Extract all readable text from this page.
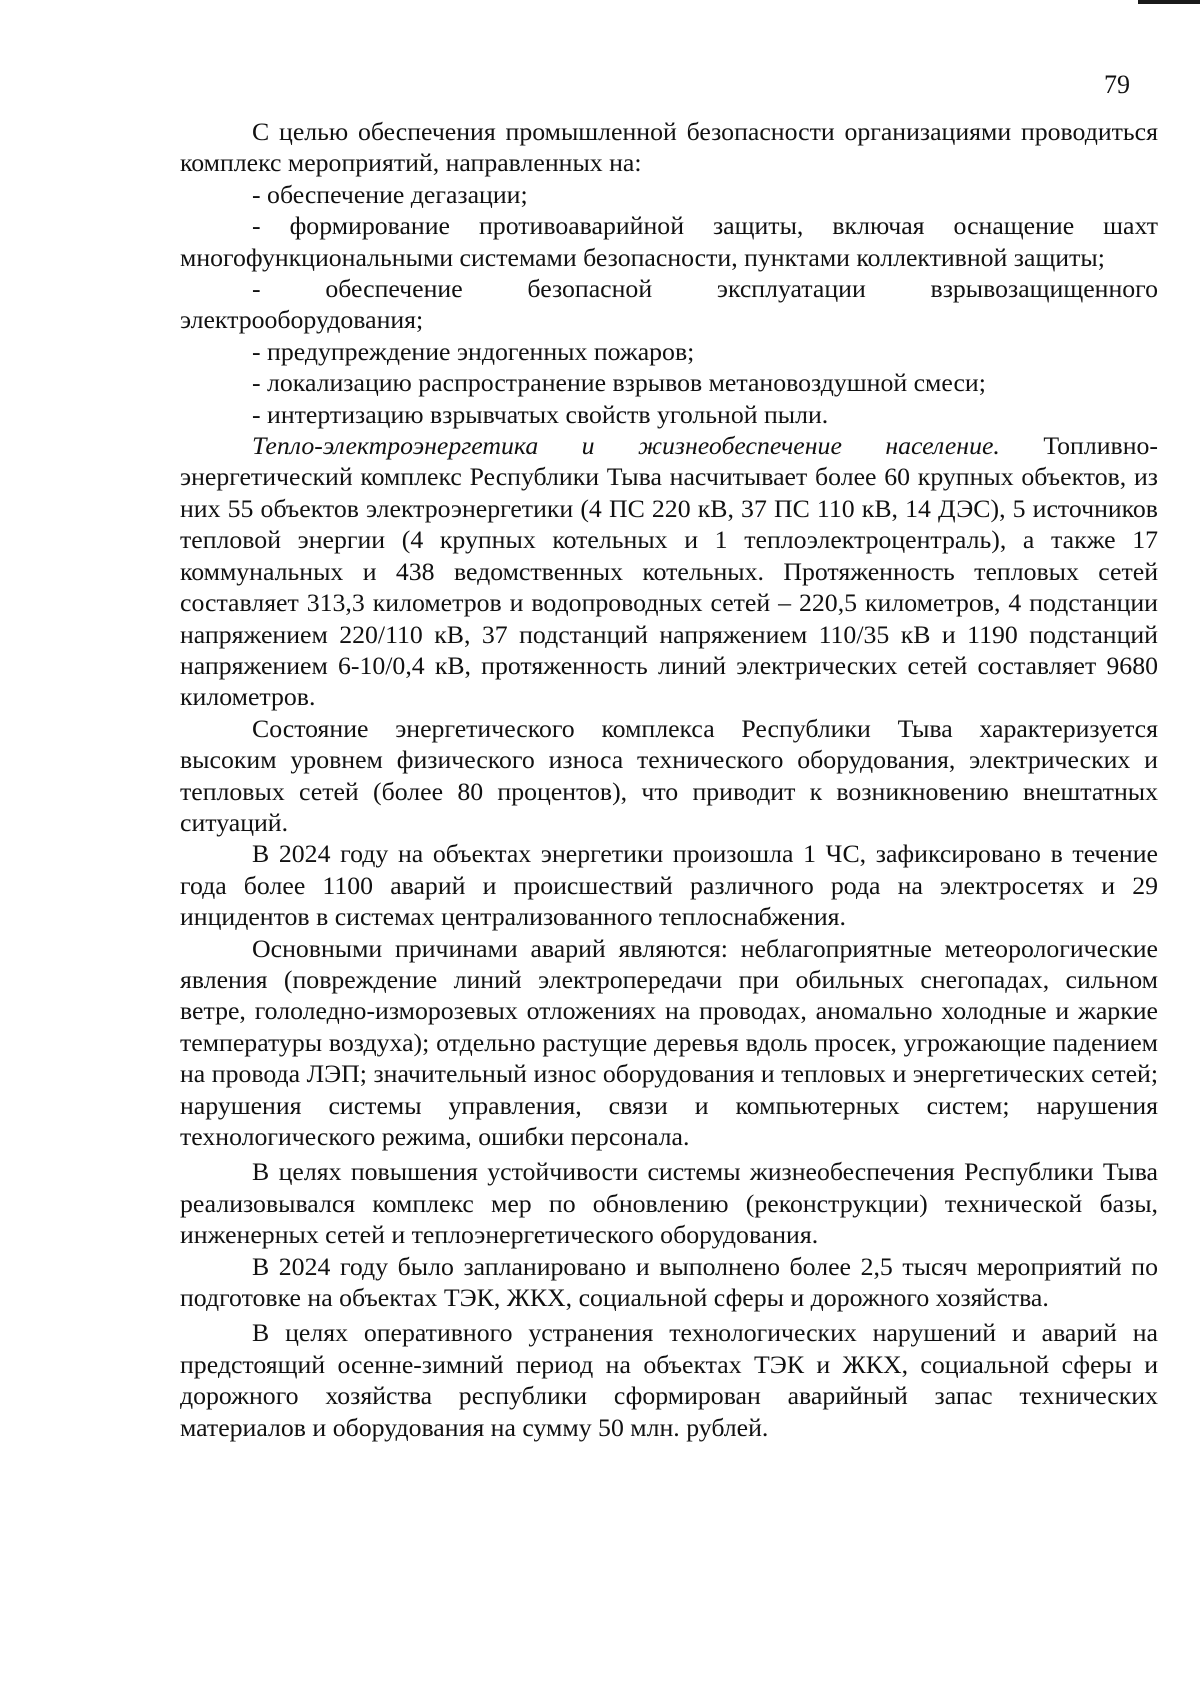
79

С целью обеспечения промышленной безопасности организациями проводиться комплекс мероприятий, направленных на:

- обеспечение дегазации;

- формирование противоаварийной защиты, включая оснащение шахт многофункциональными системами безопасности, пунктами коллективной защиты;

- обеспечение безопасной эксплуатации взрывозащищенного электрооборудования;

- предупреждение эндогенных пожаров;

- локализацию распространение взрывов метановоздушной смеси;

- интертизацию взрывчатых свойств угольной пыли.

Тепло-электроэнергетика и жизнеобеспечение население. Топливно-энергетический комплекс Республики Тыва насчитывает более 60 крупных объектов, из них 55 объектов электроэнергетики (4 ПС 220 кВ, 37 ПС 110 кВ, 14 ДЭС), 5 источников тепловой энергии (4 крупных котельных и 1 теплоэлектроцентраль), а также 17 коммунальных и 438 ведомственных котельных. Протяженность тепловых сетей составляет 313,3 километров и водопроводных сетей – 220,5 километров, 4 подстанции напряжением 220/110 кВ, 37 подстанций напряжением 110/35 кВ и 1190 подстанций напряжением 6-10/0,4 кВ, протяженность линий электрических сетей составляет 9680 километров.

Состояние энергетического комплекса Республики Тыва характеризуется высоким уровнем физического износа технического оборудования, электрических и тепловых сетей (более 80 процентов), что приводит к возникновению внештатных ситуаций.

В 2024 году на объектах энергетики произошла 1 ЧС, зафиксировано в течение года более 1100 аварий и происшествий различного рода на электросетях и 29 инцидентов в системах централизованного теплоснабжения.

Основными причинами аварий являются: неблагоприятные метеорологические явления (повреждение линий электропередачи при обильных снегопадах, сильном ветре, гололедно-изморозевых отложениях на проводах, аномально холодные и жаркие температуры воздуха); отдельно растущие деревья вдоль просек, угрожающие падением на провода ЛЭП; значительный износ оборудования и тепловых и энергетических сетей; нарушения системы управления, связи и компьютерных систем; нарушения технологического режима, ошибки персонала.

В целях повышения устойчивости системы жизнеобеспечения Республики Тыва реализовывался комплекс мер по обновлению (реконструкции) технической базы, инженерных сетей и теплоэнергетического оборудования.

В 2024 году было запланировано и выполнено более 2,5 тысяч мероприятий по подготовке на объектах ТЭК, ЖКХ, социальной сферы и дорожного хозяйства.

В целях оперативного устранения технологических нарушений и аварий на предстоящий осенне-зимний период на объектах ТЭК и ЖКХ, социальной сферы и дорожного хозяйства республики сформирован аварийный запас технических материалов и оборудования на сумму 50 млн. рублей.
